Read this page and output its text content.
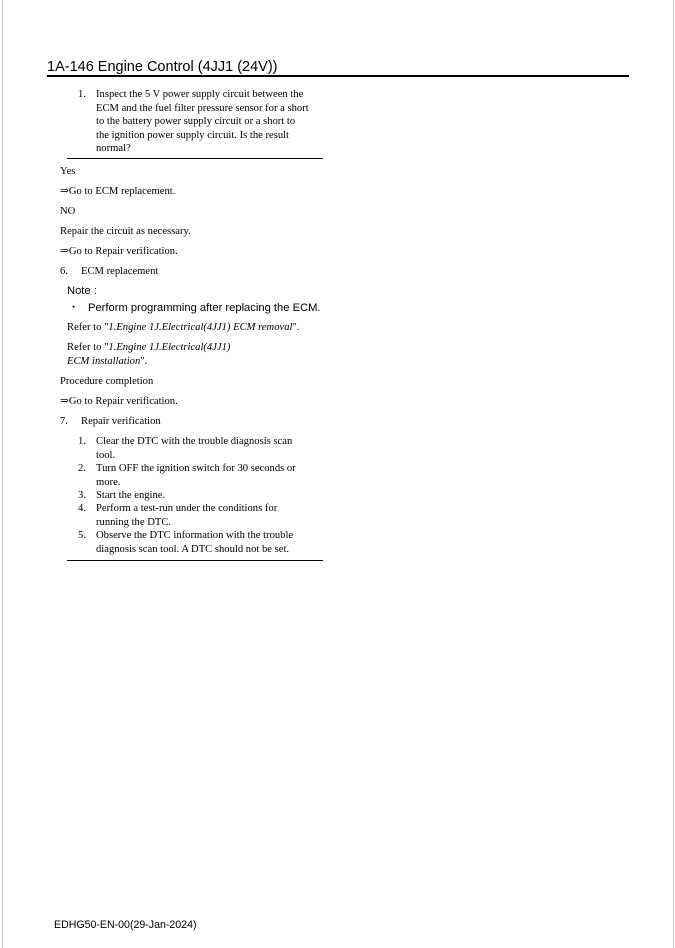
1A-146 Engine Control (4JJ1 (24V))
1. Inspect the 5 V power supply circuit between the
ECM and the fuel filter pressure sensor for a short
to the battery power supply circuit or a short to
the ignition power supply circuit. Is the result
normal?
Yes
⇒Go to ECM replacement.
NO
Repair the circuit as necessary.
⇒Go to Repair verification.
6. ECM replacement
Note :
・ Perform programming after replacing the ECM.
Refer to "1.Engine 1J.Electrical(4JJ1) ECM removal".
Refer to "1.Engine 1J.Electrical(4JJ1)
ECM installation".
Procedure completion
⇒Go to Repair verification.
7. Repair verification
1. Clear the DTC with the trouble diagnosis scan
tool.
2. Turn OFF the ignition switch for 30 seconds or
more.
3. Start the engine.
4. Perform a test-run under the conditions for
running the DTC.
5. Observe the DTC information with the trouble
diagnosis scan tool. A DTC should not be set.
EDHG50-EN-00(29-Jan-2024)
